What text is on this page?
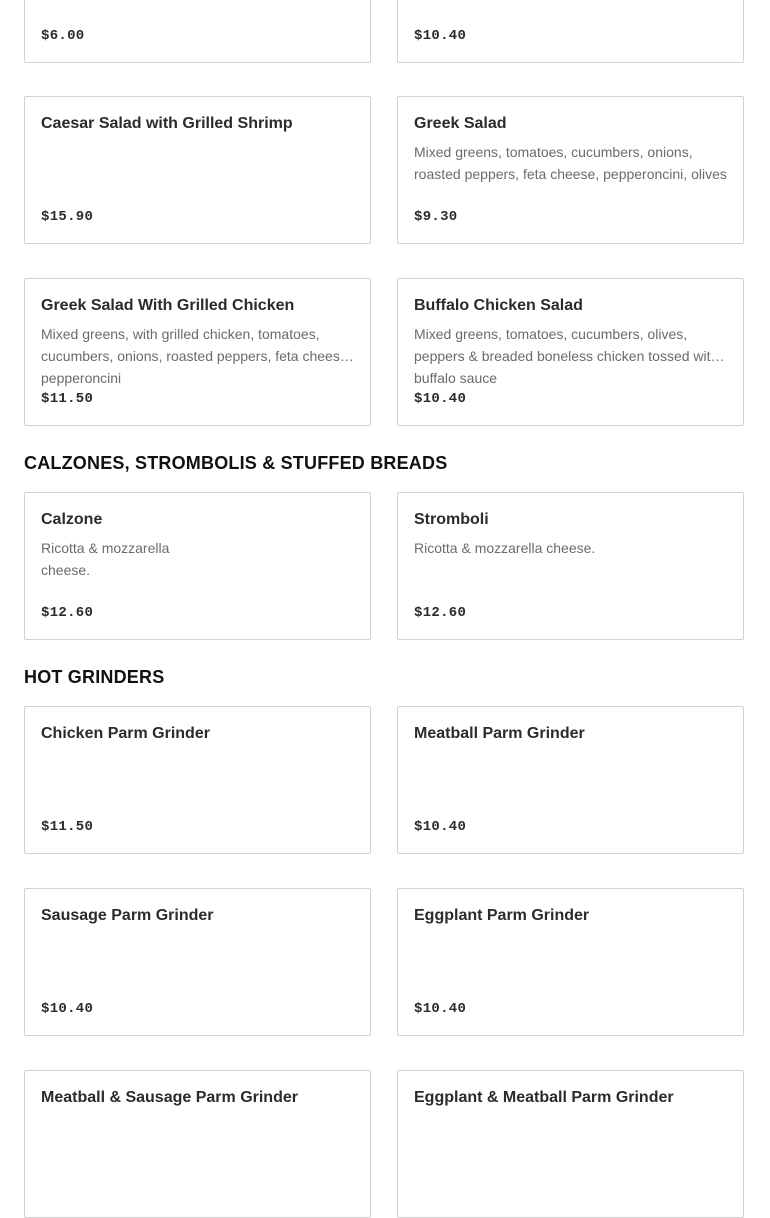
$6.00	$10.40
Caesar Salad with Grilled Shrimp
$15.90
Greek Salad
Mixed greens, tomatoes, cucumbers, onions, roasted peppers, feta cheese, pepperoncini, olives
$9.30
Greek Salad With Grilled Chicken
Mixed greens, with grilled chicken, tomatoes, cucumbers, onions, roasted peppers, feta cheese, pepperoncini
$11.50
Buffalo Chicken Salad
Mixed greens, tomatoes, cucumbers, olives, peppers & breaded boneless chicken tossed with buffalo sauce
$10.40
CALZONES, STROMBOLIS & STUFFED BREADS
Calzone
Ricotta & mozzarella cheese.
$12.60
Stromboli
Ricotta & mozzarella cheese.
$12.60
HOT GRINDERS
Chicken Parm Grinder
$11.50
Meatball Parm Grinder
$10.40
Sausage Parm Grinder
$10.40
Eggplant Parm Grinder
$10.40
Meatball & Sausage Parm Grinder	Eggplant & Meatball Parm Grinder
